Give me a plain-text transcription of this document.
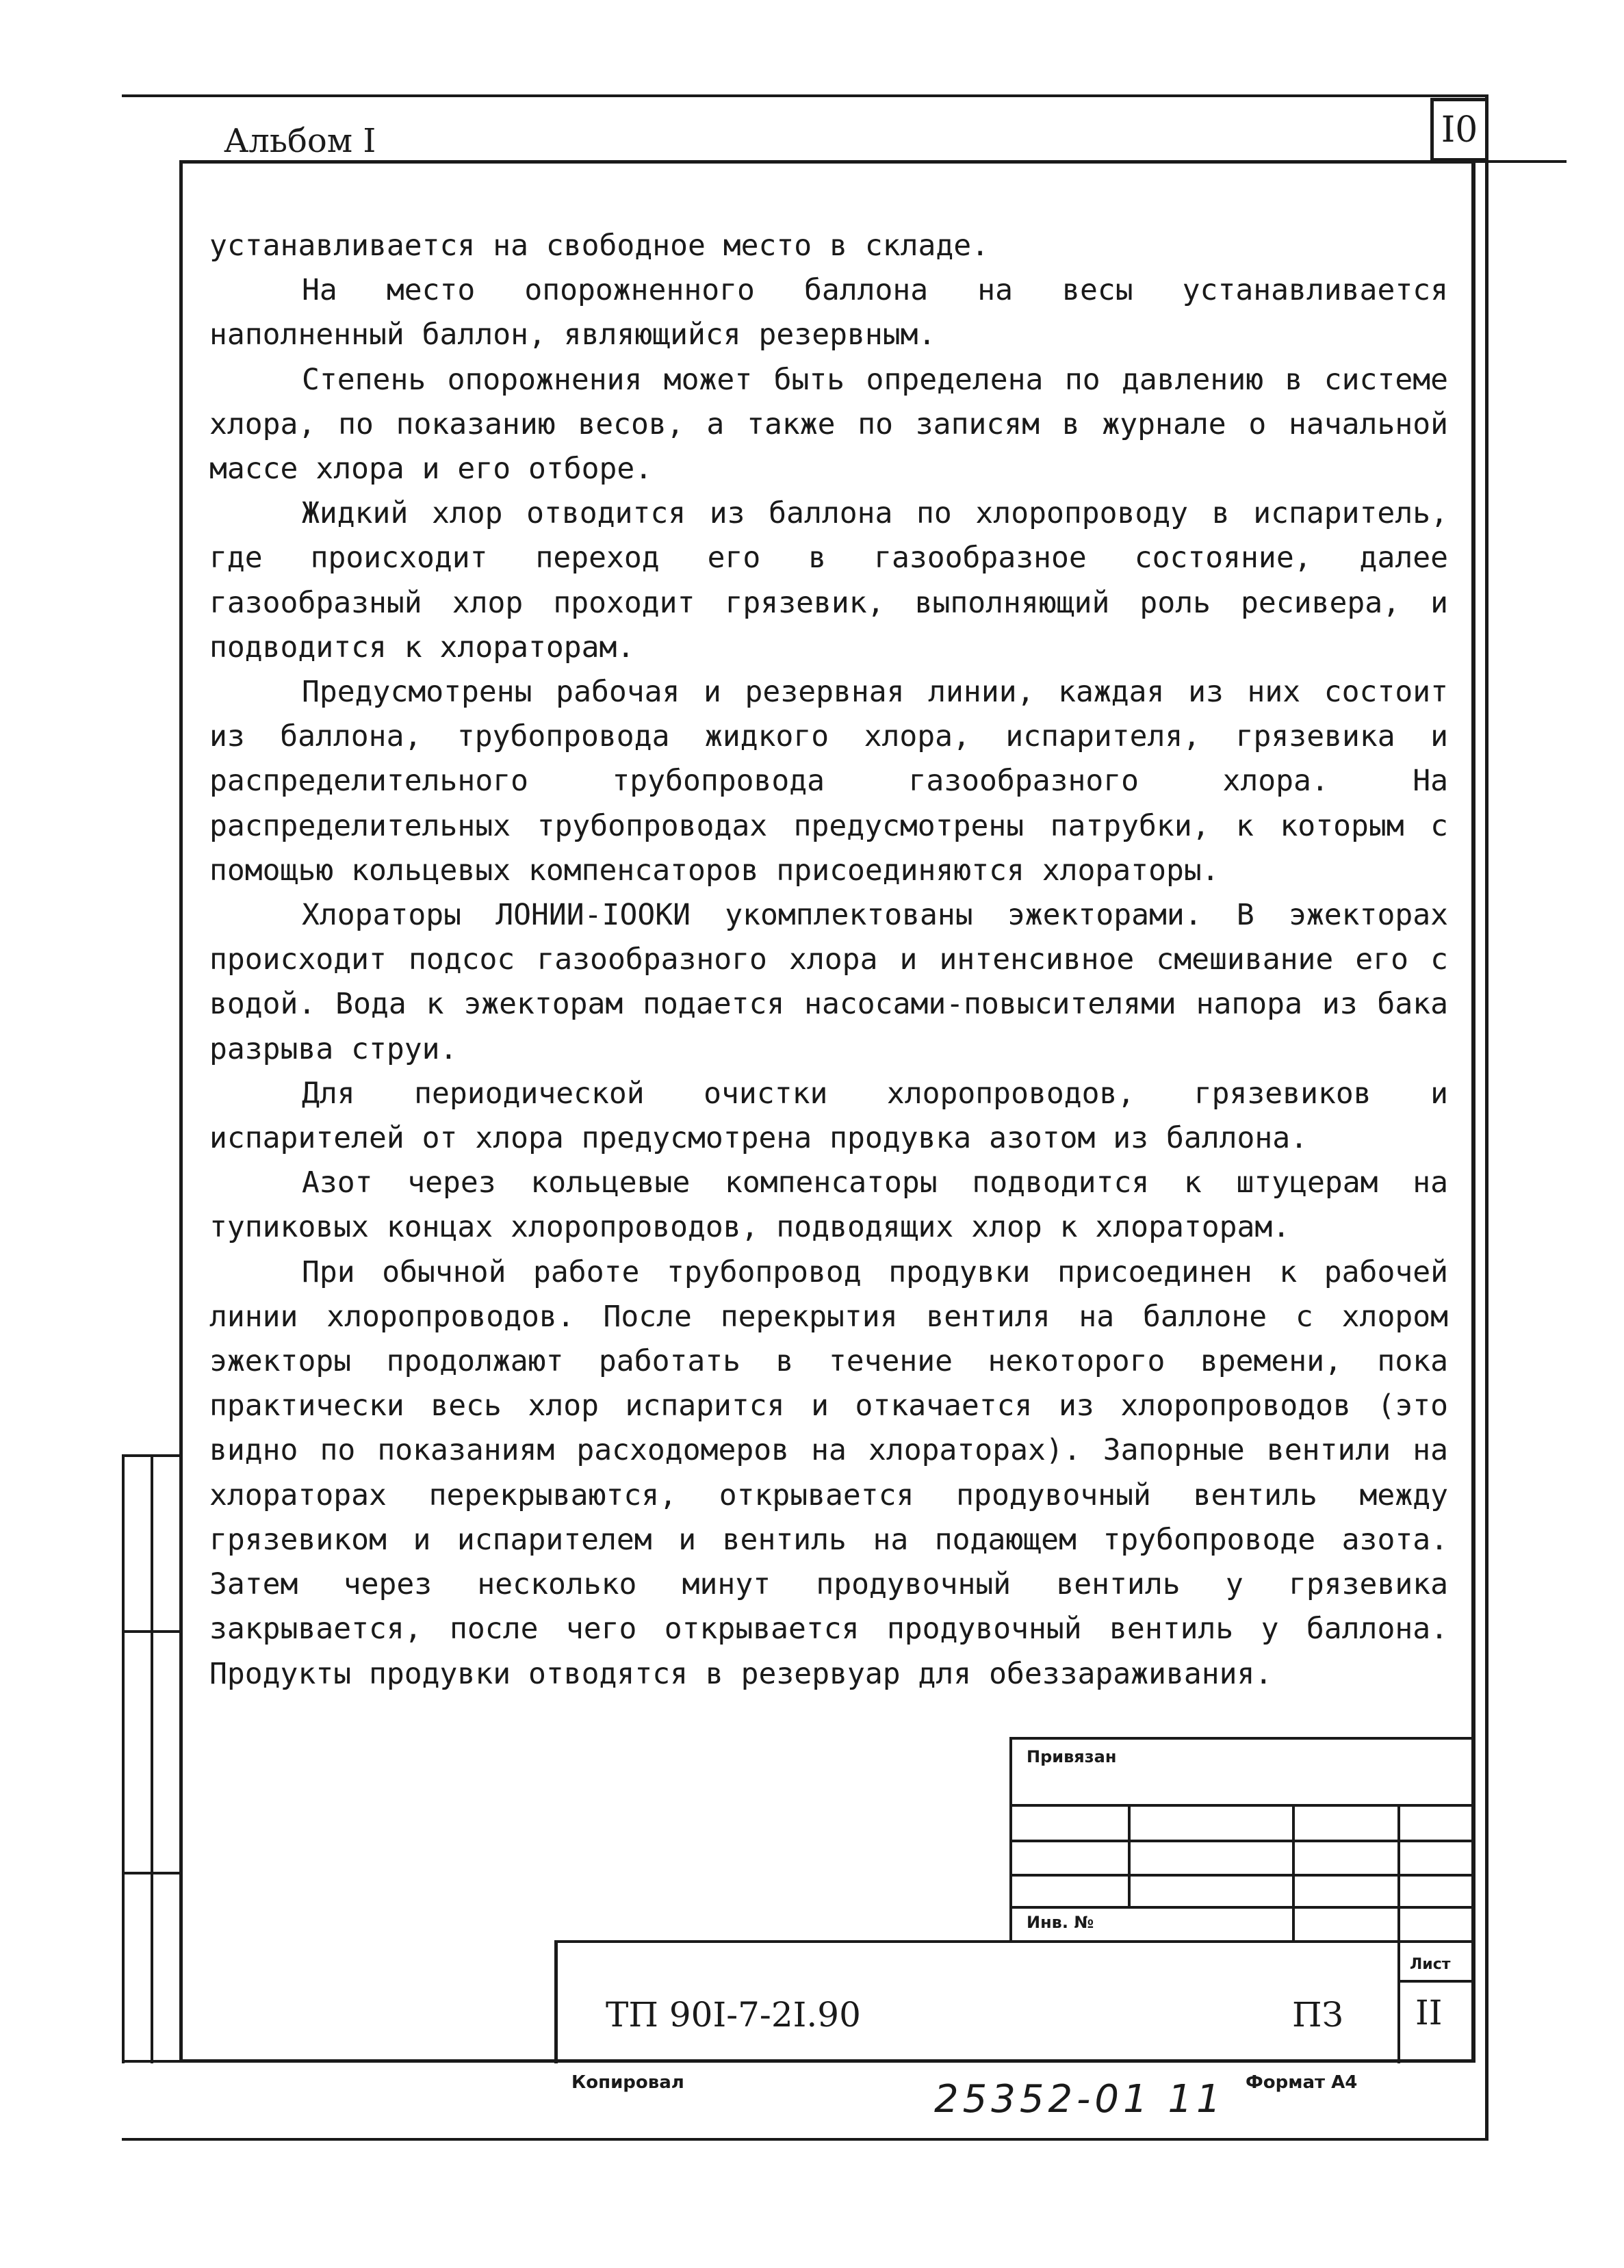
Альбом I	I0

устанавливается на свободное место в складе.

На место опорожненного баллона на весы устанавливается наполненный баллон, являющийся резервным.

Степень опорожнения может быть определена по давлению в системе хлора, по показанию весов, а также по записям в журнале о начальной массе хлора и его отборе.

Жидкий хлор отводится из баллона по хлоропроводу в испаритель, где происходит переход его в газообразное состояние, далее газообразный хлор проходит грязевик, выполняющий роль ресивера, и подводится к хлораторам.

Предусмотрены рабочая и резервная линии, каждая из них состоит из баллона, трубопровода жидкого хлора, испарителя, грязевика и распределительного трубопровода газообразного хлора. На распределительных трубопроводах предусмотрены патрубки, к которым с помощью кольцевых компенсаторов присоединяются хлораторы.

Хлораторы ЛОНИИ-IOOКИ укомплектованы эжекторами. В эжекторах происходит подсос газообразного хлора и интенсивное смешивание его с водой. Вода к эжекторам подается насосами-повысителями напора из бака разрыва струи.

Для периодической очистки хлоропроводов, грязевиков и испарителей от хлора предусмотрена продувка азотом из баллона.

Азот через кольцевые компенсаторы подводится к штуцерам на тупиковых концах хлоропроводов, подводящих хлор к хлораторам.

При обычной работе трубопровод продувки присоединен к рабочей линии хлоропроводов. После перекрытия вентиля на баллоне с хлором эжекторы продолжают работать в течение некоторого времени, пока практически весь хлор испарится и откачается из хлоропроводов (это видно по показаниям расходомеров на хлораторах). Запорные вентили на хлораторах перекрываются, открывается продувочный вентиль между грязевиком и испарителем и вентиль на подающем трубопроводе азота. Затем через несколько минут продувочный вентиль у грязевика закрывается, после чего открывается продувочный вентиль у баллона. Продукты продувки отводятся в резервуар для обеззараживания.

Привязан
Инв. №
Лист
II
ТП 90I-7-2I.90	ПЗ
Копировал	25352-01 11 Формат А4
